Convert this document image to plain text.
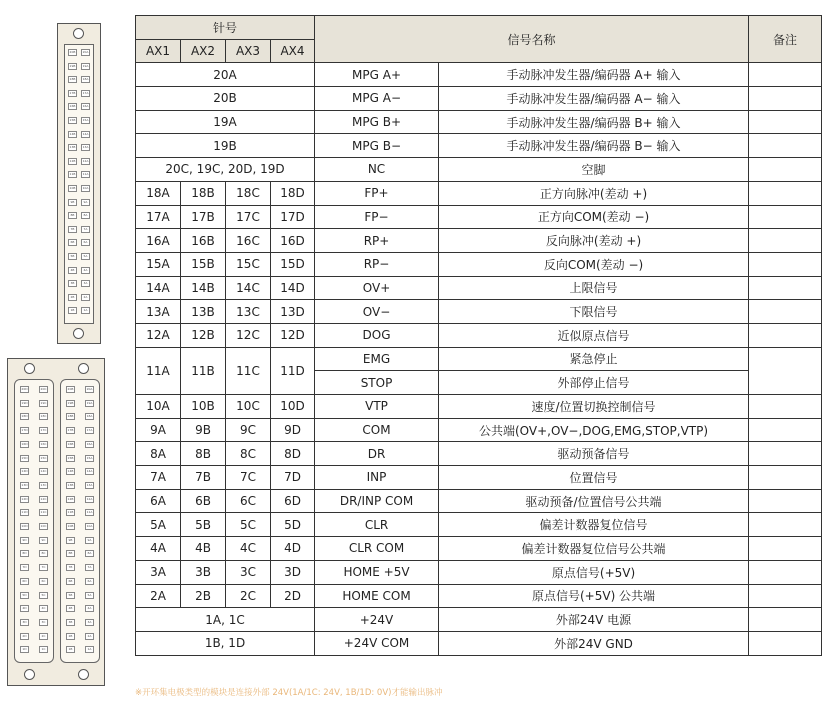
20B
19B
18B
17B
16B
15B
14B
13B
12B
11B
10B
9B
8B
7B
6B
5B
4B
3B
2B
1B
20A
19A
18A
17A
16A
15A
14A
13A
12A
11A
10A
9A
8A
7A
6A
5A
4A
3A
2A
1A
20D
19D
18D
17D
16D
15D
14D
13D
12D
11D
10D
9D
8D
7D
6D
5D
4D
3D
2D
1D
20C
19C
18C
17C
16C
15C
14C
13C
12C
11C
10C
9C
8C
7C
6C
5C
4C
3C
2C
1C
20B
19B
18B
17B
16B
15B
14B
13B
12B
11B
10B
9B
8B
7B
6B
5B
4B
3B
2B
1B
20A
19A
18A
17A
16A
15A
14A
13A
12A
11A
10A
9A
8A
7A
6A
5A
4A
3A
2A
1A
针号				信号名称		备注
AX1	AX2	AX3	AX4			
20A				MPG A+	手动脉冲发生器/编码器 A+ 输入	
20B				MPG A−	手动脉冲发生器/编码器 A− 输入	
19A				MPG B+	手动脉冲发生器/编码器 B+ 输入	
19B				MPG B−	手动脉冲发生器/编码器 B− 输入	
20C, 19C, 20D, 19D				NC	空脚	
18A	18B	18C	18D	FP+	正方向脉冲(差动 +)	
17A	17B	17C	17D	FP−	正方向COM(差动 −)	
16A	16B	16C	16D	RP+	反向脉冲(差动 +)	
15A	15B	15C	15D	RP−	反向COM(差动 −)	
14A	14B	14C	14D	OV+	上限信号	
13A	13B	13C	13D	OV−	下限信号	
12A	12B	12C	12D	DOG	近似原点信号	
11A	11B	11C	11D	EMG	紧急停止	
				STOP	外部停止信号	
10A	10B	10C	10D	VTP	速度/位置切换控制信号	
9A	9B	9C	9D	COM	公共端(OV+,OV−,DOG,EMG,STOP,VTP)	
8A	8B	8C	8D	DR	驱动预备信号	
7A	7B	7C	7D	INP	位置信号	
6A	6B	6C	6D	DR/INP COM	驱动预备/位置信号公共端	
5A	5B	5C	5D	CLR	偏差计数器复位信号	
4A	4B	4C	4D	CLR COM	偏差计数器复位信号公共端	
3A	3B	3C	3D	HOME +5V	原点信号(+5V)	
2A	2B	2C	2D	HOME COM	原点信号(+5V) 公共端	
1A, 1C				+24V	外部24V 电源	
1B, 1D				+24V COM	外部24V GND	
※开环集电极类型的模块是连接外部 24V(1A/1C: 24V, 1B/1D: 0V)才能输出脉冲
